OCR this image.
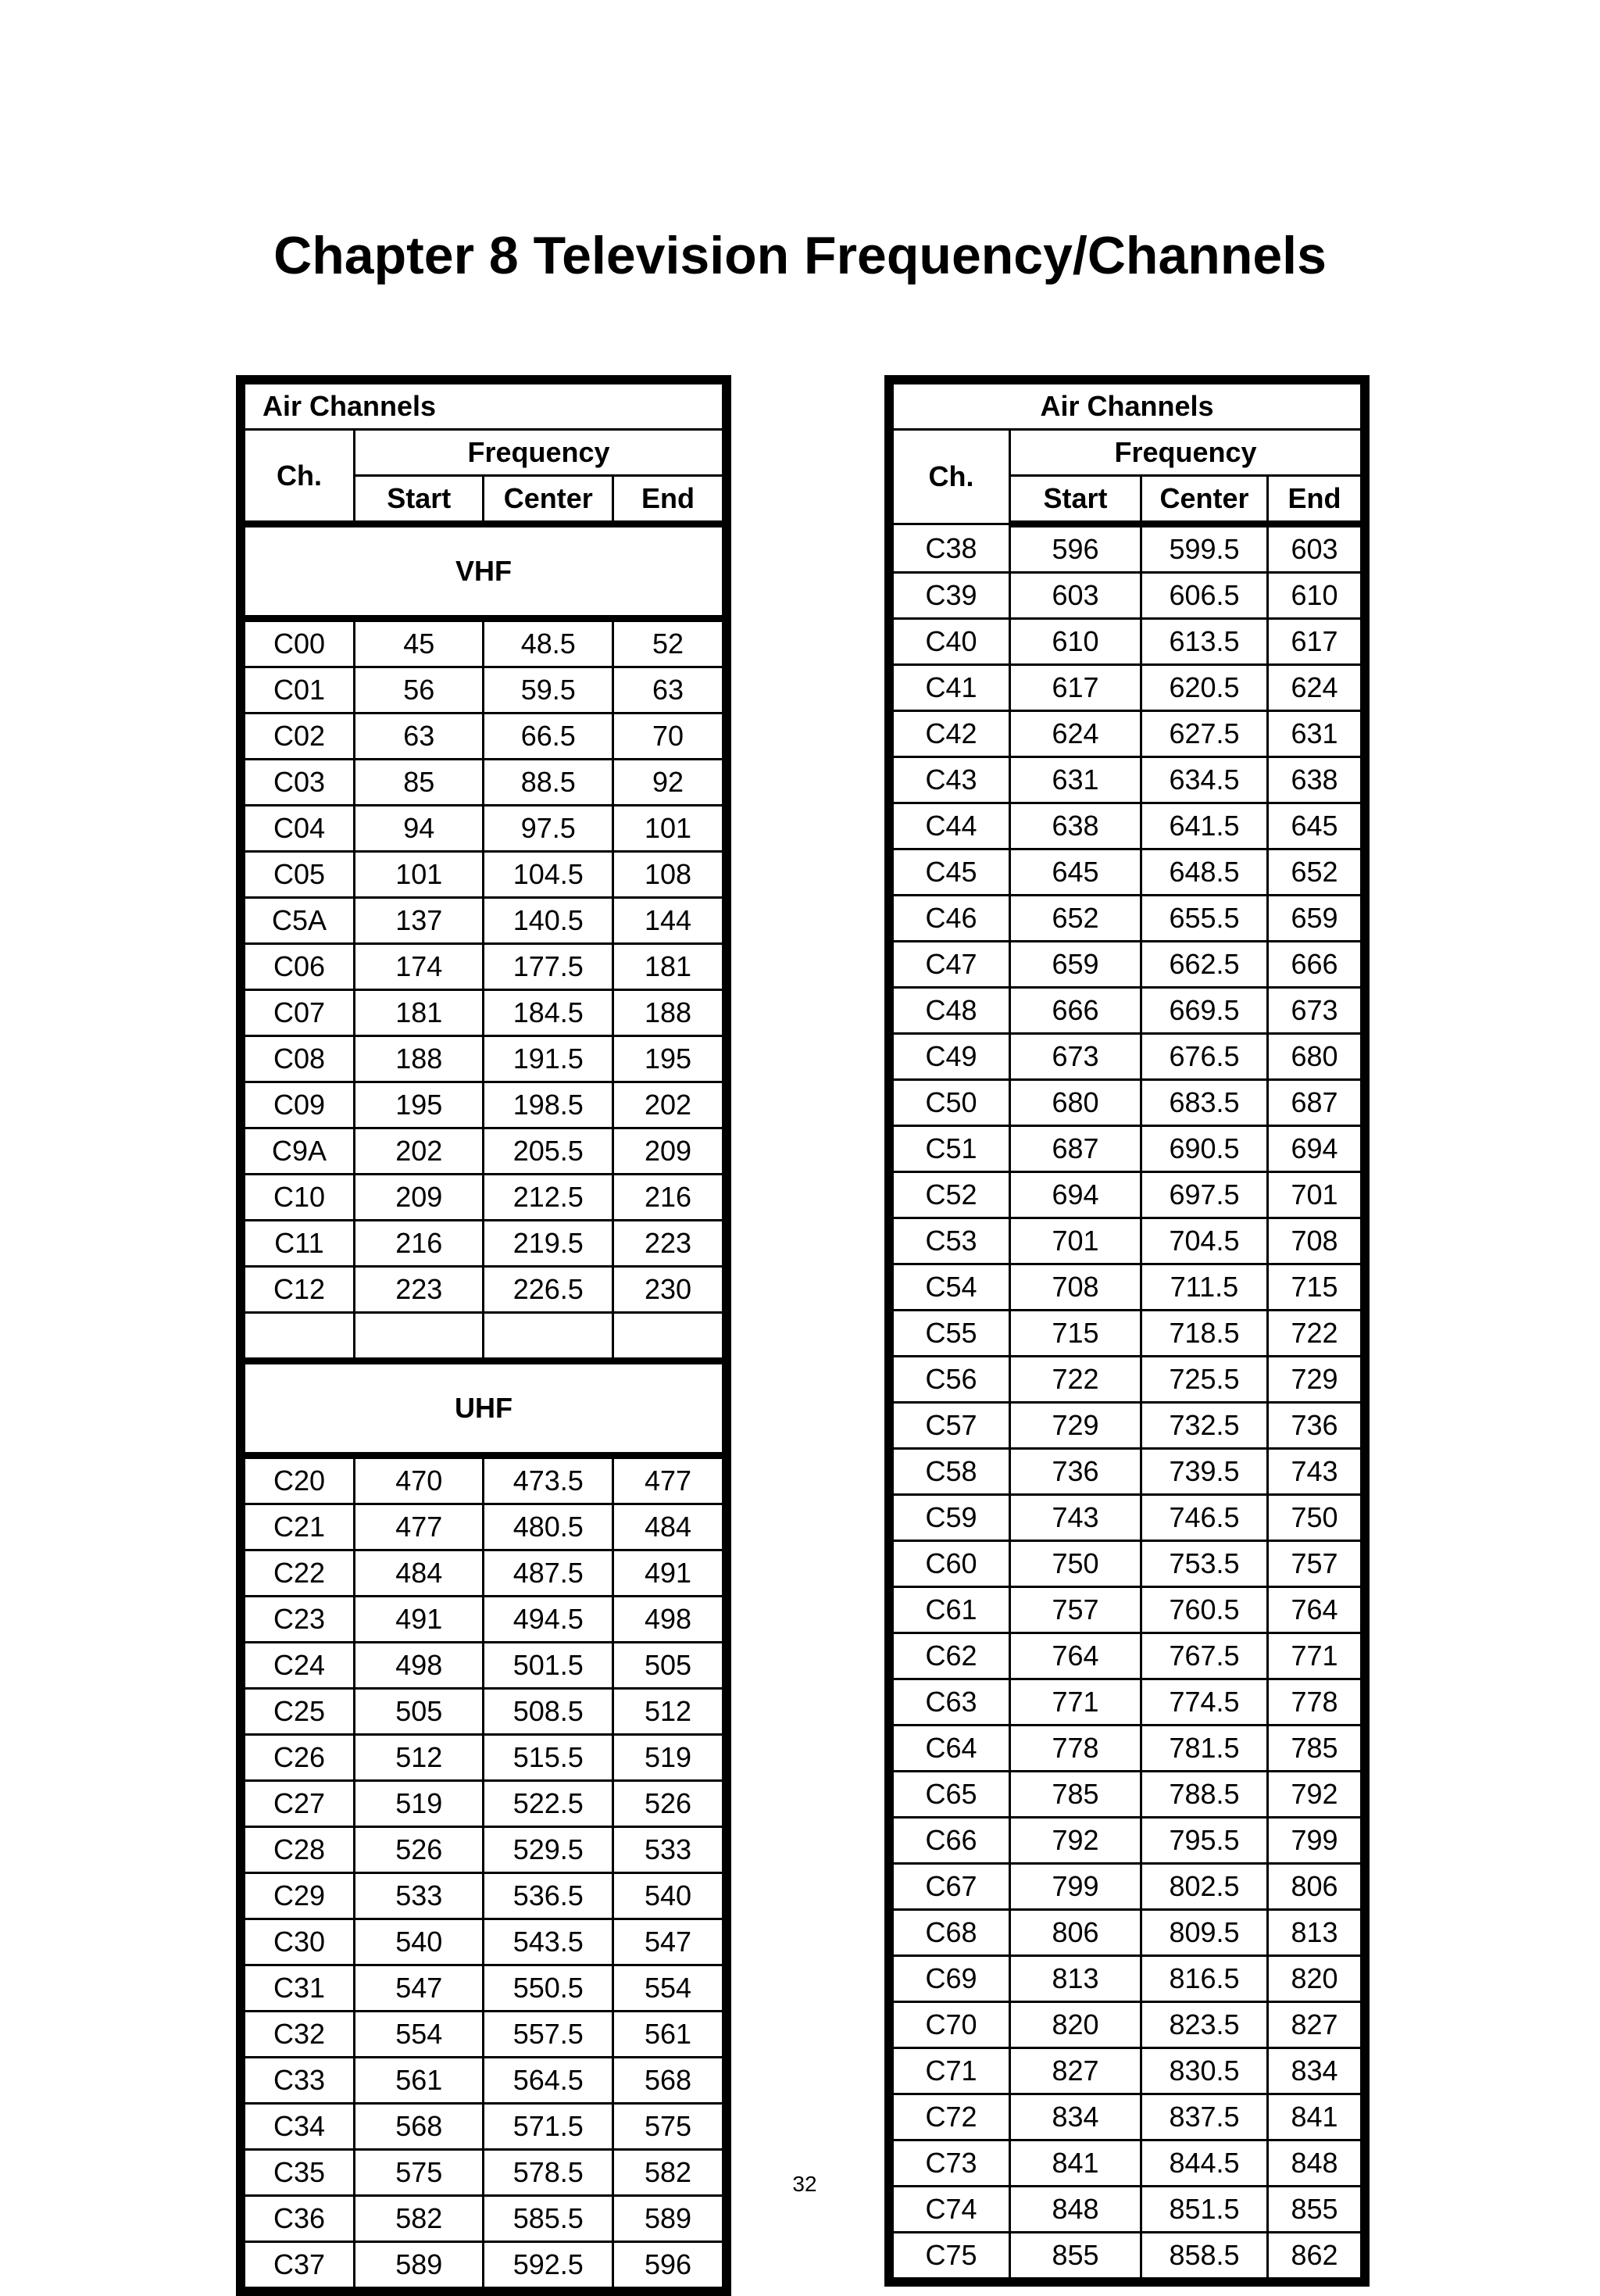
Chapter 8 Television Frequency/Channels
Air Channels			
Ch.	Frequency		
	Start	Center	End
VHF			
C00	45	48.5	52
C01	56	59.5	63
C02	63	66.5	70
C03	85	88.5	92
C04	94	97.5	101
C05	101	104.5	108
C5A	137	140.5	144
C06	174	177.5	181
C07	181	184.5	188
C08	188	191.5	195
C09	195	198.5	202
C9A	202	205.5	209
C10	209	212.5	216
C11	216	219.5	223
C12	223	226.5	230

UHF			
C20	470	473.5	477
C21	477	480.5	484
C22	484	487.5	491
C23	491	494.5	498
C24	498	501.5	505
C25	505	508.5	512
C26	512	515.5	519
C27	519	522.5	526
C28	526	529.5	533
C29	533	536.5	540
C30	540	543.5	547
C31	547	550.5	554
C32	554	557.5	561
C33	561	564.5	568
C34	568	571.5	575
C35	575	578.5	582
C36	582	585.5	589
C37	589	592.5	596
Air Channels			
Ch.	Frequency		
	Start	Center	End
C38	596	599.5	603
C39	603	606.5	610
C40	610	613.5	617
C41	617	620.5	624
C42	624	627.5	631
C43	631	634.5	638
C44	638	641.5	645
C45	645	648.5	652
C46	652	655.5	659
C47	659	662.5	666
C48	666	669.5	673
C49	673	676.5	680
C50	680	683.5	687
C51	687	690.5	694
C52	694	697.5	701
C53	701	704.5	708
C54	708	711.5	715
C55	715	718.5	722
C56	722	725.5	729
C57	729	732.5	736
C58	736	739.5	743
C59	743	746.5	750
C60	750	753.5	757
C61	757	760.5	764
C62	764	767.5	771
C63	771	774.5	778
C64	778	781.5	785
C65	785	788.5	792
C66	792	795.5	799
C67	799	802.5	806
C68	806	809.5	813
C69	813	816.5	820
C70	820	823.5	827
C71	827	830.5	834
C72	834	837.5	841
C73	841	844.5	848
C74	848	851.5	855
C75	855	858.5	862
32
